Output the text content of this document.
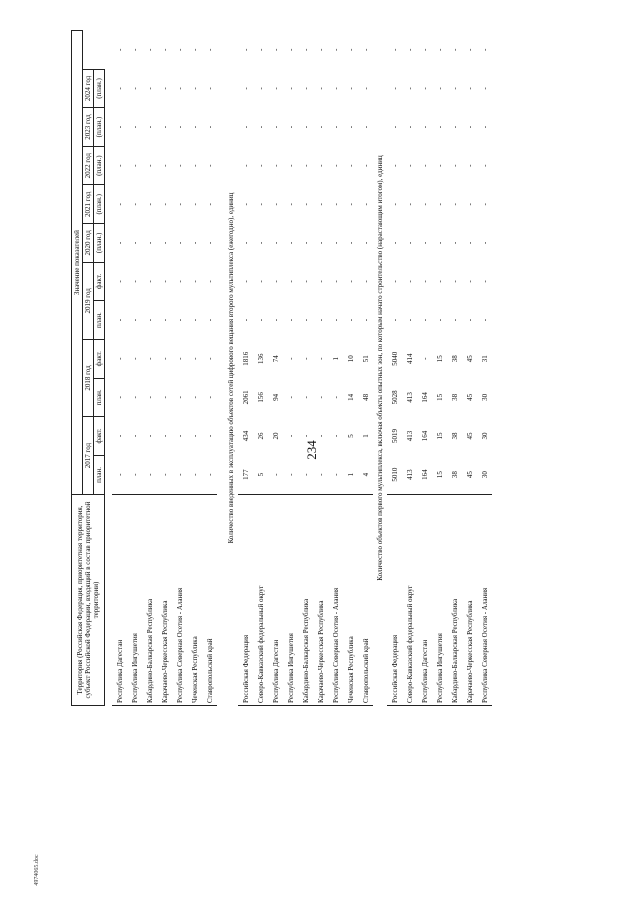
234
4974065.doc
Территория (Российская Федерация, приоритетная территория, субъект Российской Федерации, входящий в состав приоритетной территории)	Значение показателей											
	2017 год		2018 год		2019 год		2020 год	2021 год	2022 год	2023 год	2024 год	
	план.	факт.	план.	факт.	план.	факт.	(план.)	(план.)	(план.)	(план.)	(план.)	

Республика Дагестан	-	-	-	-	-	-	-	-	-	-	-	-
Республика Ингушетия	-	-	-	-	-	-	-	-	-	-	-	-
Кабардино-Балкарская Республика	-	-	-	-	-	-	-	-	-	-	-	-
Карачаево-Черкесская Республика	-	-	-	-	-	-	-	-	-	-	-	-
Республика Северная Осетия - Алания	-	-	-	-	-	-	-	-	-	-	-	-
Чеченская Республика	-	-	-	-	-	-	-	-	-	-	-	-
Ставропольский край	-	-	-	-	-	-	-	-	-	-	-	-

Количество введенных в эксплуатацию объектов сетей цифрового вещания второго мультиплекса (ежегодно), единиц												
Российская Федерация	177	434	2061	1816	-	-	-	-	-	-	-	-
Северо-Кавказский федеральный округ	5	26	156	136	-	-	-	-	-	-	-	-
Республика Дагестан	-	20	94	74	-	-	-	-	-	-	-	-
Республика Ингушетия	-	-	-	-	-	-	-	-	-	-	-	-
Кабардино-Балкарская Республика	-	-	-	-	-	-	-	-	-	-	-	-
Карачаево-Черкесская Республика	-	-	-	-	-	-	-	-	-	-	-	-
Республика Северная Осетия - Алания	-	-	-	1	-	-	-	-	-	-	-	-
Чеченская Республика	1	5	14	10	-	-	-	-	-	-	-	-
Ставропольский край	4	1	48	51	-	-	-	-	-	-	-	-
Количество объектов первого мультиплекса, включая объекты опытных зон, по которым начато строительство (нарастающим итогом), единиц												
Российская Федерация	5010	5019	5028	5040	-	-	-	-	-	-	-	-
Северо-Кавказский федеральный округ	413	413	413	414	-	-	-	-	-	-	-	-
Республика Дагестан	164	164	164	-	-	-	-	-	-	-	-	-
Республика Ингушетия	15	15	15	15	-	-	-	-	-	-	-	-
Кабардино-Балкарская Республика	38	38	38	38	-	-	-	-	-	-	-	-
Карачаево-Черкесская Республика	45	45	45	45	-	-	-	-	-	-	-	-
Республика Северная Осетия - Алания	30	30	30	31	-	-	-	-	-	-	-	-
